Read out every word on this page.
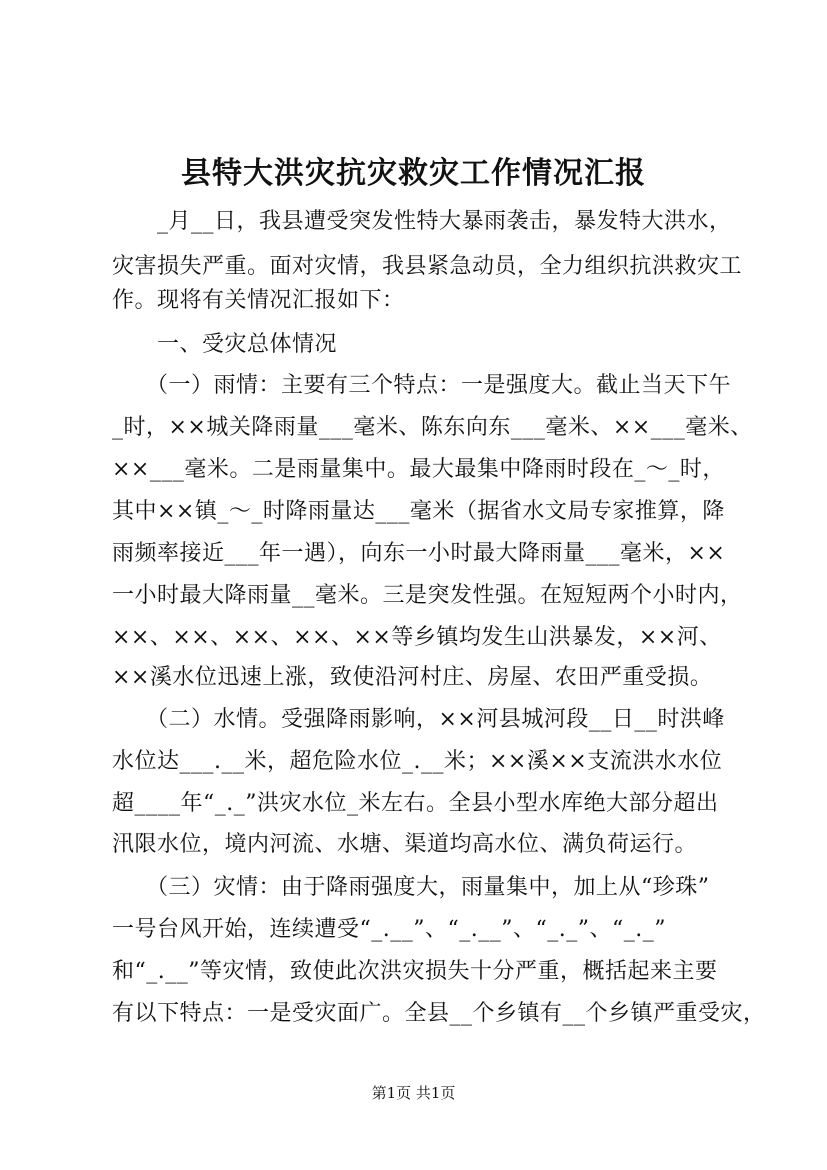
县特大洪灾抗灾救灾工作情况汇报
　　_月__日，我县遭受突发性特大暴雨袭击，暴发特大洪水，
灾害损失严重。面对灾情，我县紧急动员，全力组织抗洪救灾工
作。现将有关情况汇报如下：
　　一、受灾总体情况
　　（一）雨情：主要有三个特点：一是强度大。截止当天下午
_时，××城关降雨量___毫米、陈东向东___毫米、××___毫米、
××___毫米。二是雨量集中。最大最集中降雨时段在_～_时，
其中××镇_～_时降雨量达___毫米（据省水文局专家推算，降
雨频率接近___年一遇），向东一小时最大降雨量___毫米，××
一小时最大降雨量__毫米。三是突发性强。在短短两个小时内，
××、××、××、××、××等乡镇均发生山洪暴发，××河、
××溪水位迅速上涨，致使沿河村庄、房屋、农田严重受损。
　　（二）水情。受强降雨影响，××河县城河段__日__时洪峰
水位达___.__米，超危险水位_.__米；××溪××支流洪水水位
超____年“_._”洪灾水位_米左右。全县小型水库绝大部分超出
汛限水位，境内河流、水塘、渠道均高水位、满负荷运行。
　　（三）灾情：由于降雨强度大，雨量集中，加上从“珍珠”
一号台风开始，连续遭受“_.__”、“_.__”、“_._”、“_._”
和“_.__”等灾情，致使此次洪灾损失十分严重，概括起来主要
有以下特点：一是受灾面广。全县__个乡镇有__个乡镇严重受灾，
第1页 共1页
